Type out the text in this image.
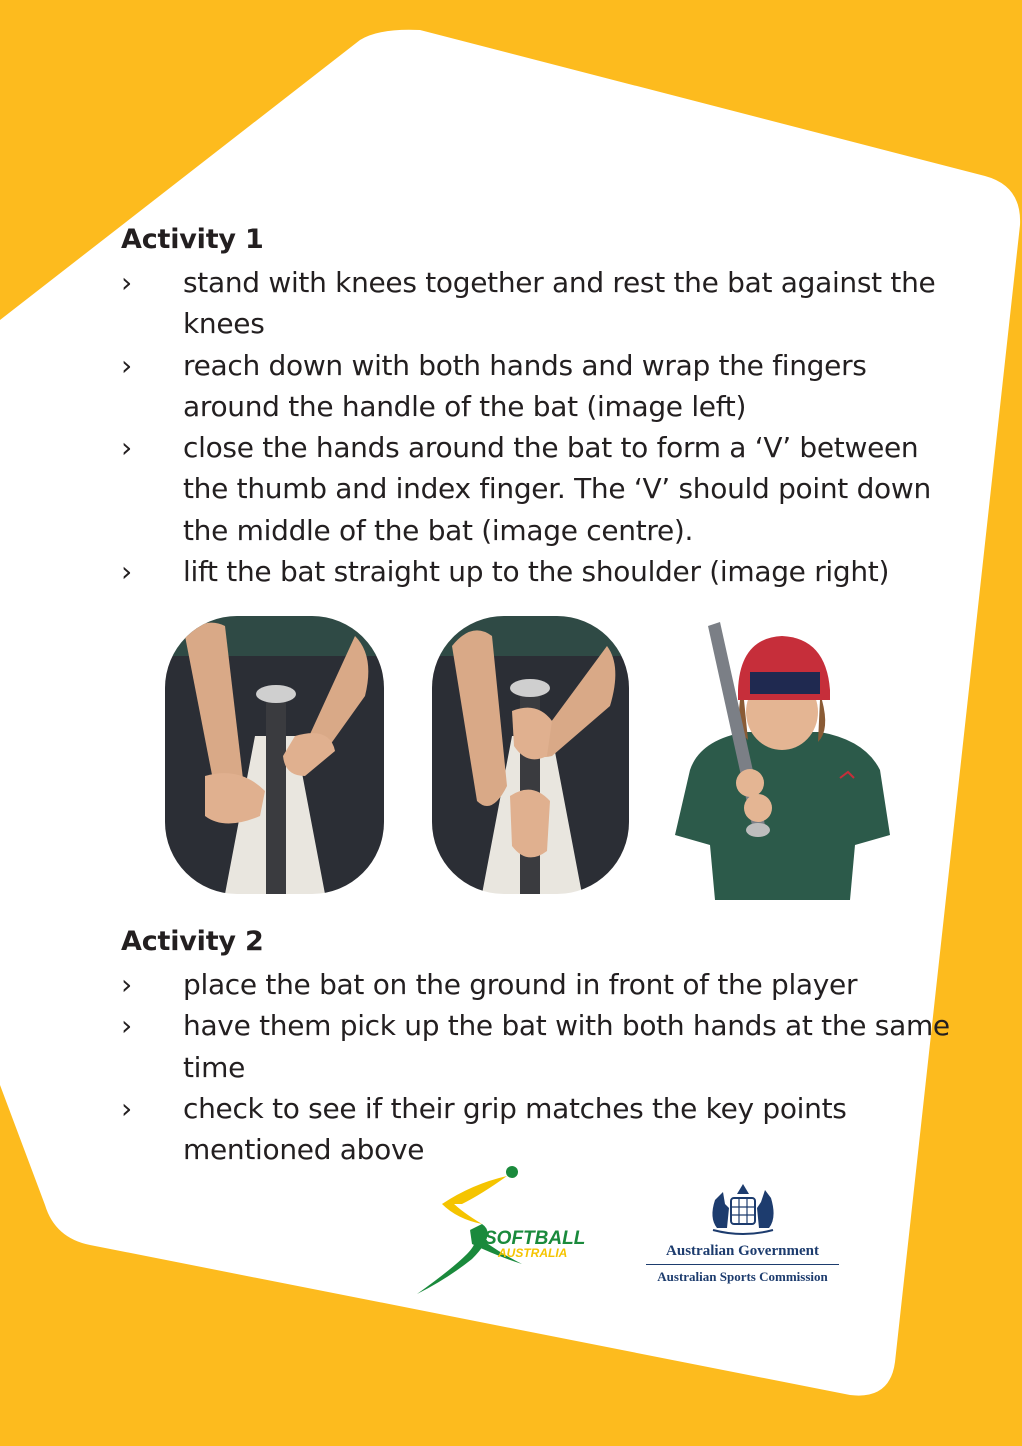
Activity 1
›	stand with knees together and rest the bat against the knees
›	reach down with both hands and wrap the fingers around the handle of the bat (image left)
›	close the hands around the bat to form a ‘V’ between the thumb and index finger. The ‘V’ should point down the middle of the bat (image centre).
›	lift the bat straight up to the shoulder (image right)
Activity 2
›	place the bat on the ground in front of the player
›	have them pick up the bat with both hands at the same time
›	check to see if their grip matches the key points mentioned above
SOFTBALL
AUSTRALIA	Australian Government
Australian Sports Commission
